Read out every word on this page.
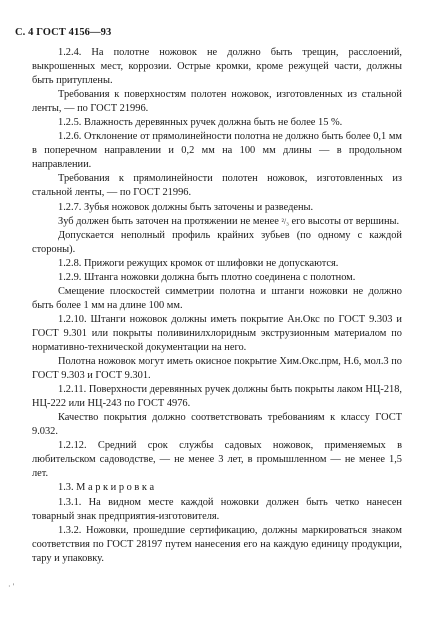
С. 4 ГОСТ 4156—93

1.2.4. На полотне ножовок не должно быть трещин, расслоений, выкрошенных мест, коррозии. Острые кромки, кроме режущей части, должны быть притуплены.

Требования к поверхностям полотен ножовок, изготовленных из стальной ленты, — по ГОСТ 21996.

1.2.5. Влажность деревянных ручек должна быть не более 15 %.

1.2.6. Отклонение от прямолинейности полотна не должно быть более 0,1 мм в поперечном направлении и 0,2 мм на 100 мм длины — в продольном направлении.

Требования к прямолинейности полотен ножовок, изготовленных из стальной ленты, — по ГОСТ 21996.

1.2.7. Зубья ножовок должны быть заточены и разведены.

Зуб должен быть заточен на протяжении не менее ²/₃ его высоты от вершины.

Допускается неполный профиль крайних зубьев (по одному с каждой стороны).

1.2.8. Прижоги режущих кромок от шлифовки не допускаются.

1.2.9. Штанга ножовки должна быть плотно соединена с полотном.

Смещение плоскостей симметрии полотна и штанги ножовки не должно быть более 1 мм на длине 100 мм.

1.2.10. Штанги ножовок должны иметь покрытие Ан.Окс по ГОСТ 9.303 и ГОСТ 9.301 или покрыты поливинилхлоридным экструзионным материалом по нормативно-технической документации на него.

Полотна ножовок могут иметь окисное покрытие Хим.Окс.прм, Н.6, мол.3 по ГОСТ 9.303 и ГОСТ 9.301.

1.2.11. Поверхности деревянных ручек должны быть покрыты лаком НЦ-218, НЦ-222 или НЦ-243 по ГОСТ 4976.

Качество покрытия должно соответствовать требованиям к классу ГОСТ 9.032.

1.2.12. Средний срок службы садовых ножовок, применяемых в любительском садоводстве, — не менее 3 лет, в промышленном — не менее 1,5 лет.

1.3. М а р к и р о в к а

1.3.1. На видном месте каждой ножовки должен быть четко нанесен товарный знак предприятия-изготовителя.

1.3.2. Ножовки, прошедшие сертификацию, должны маркироваться знаком соответствия по ГОСТ 28197 путем нанесения его на каждую единицу продукции, тару и упаковку.

· ′
